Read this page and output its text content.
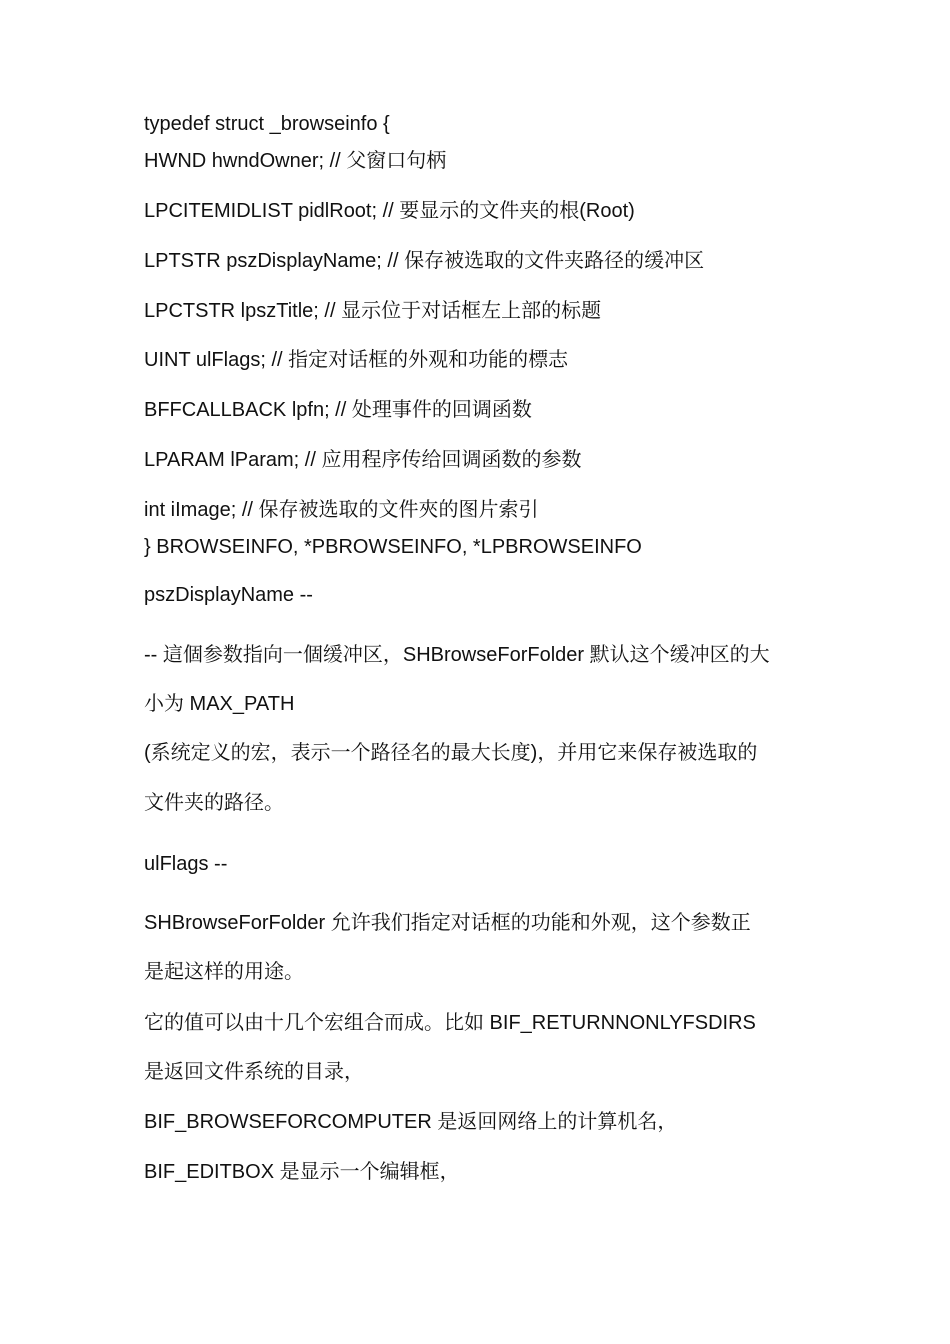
typedef struct _browseinfo {
HWND hwndOwner; // 父窗口句柄
LPCITEMIDLIST pidlRoot; // 要显示的文件夹的根(Root)
LPTSTR pszDisplayName; // 保存被选取的文件夹路径的缓冲区
LPCTSTR lpszTitle; // 显示位于对话框左上部的标题
UINT ulFlags; // 指定对话框的外观和功能的標志
BFFCALLBACK lpfn; // 处理事件的回调函数
LPARAM lParam; // 应用程序传给回调函数的参数
int iImage; // 保存被选取的文件夾的图片索引
} BROWSEINFO, *PBROWSEINFO, *LPBROWSEINFO
pszDisplayName --
-- 這個参数指向一個缓冲区，SHBrowseForFolder 默认这个缓冲区的大
小为 MAX_PATH
(系统定义的宏，表示一个路径名的最大长度)，并用它来保存被选取的
文件夹的路径。
ulFlags --
SHBrowseForFolder 允许我们指定对话框的功能和外观，这个参数正
是起这样的用途。
它的值可以由十几个宏组合而成。比如 BIF_RETURNNONLYFSDIRS
是返回文件系统的目录，
BIF_BROWSEFORCOMPUTER 是返回网络上的计算机名，
BIF_EDITBOX 是显示一个编辑框，
